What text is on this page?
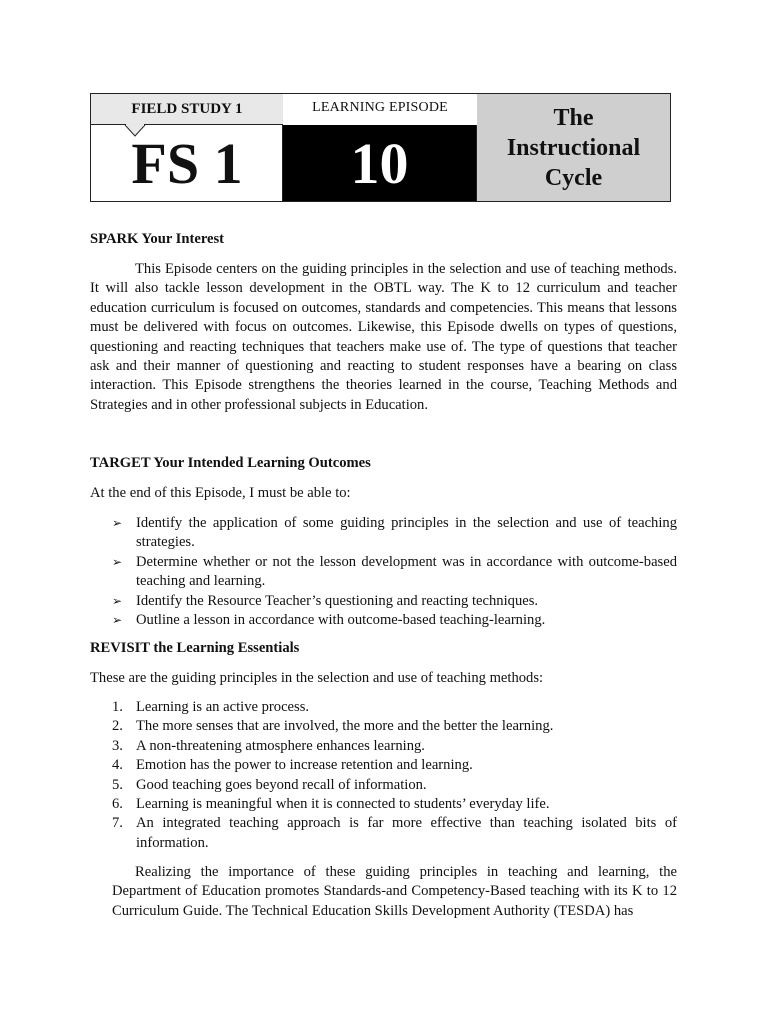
FIELD STUDY 1
FS 1
LEARNING EPISODE
10
The Instructional Cycle
SPARK Your Interest

This Episode centers on the guiding principles in the selection and use of teaching methods. It will also tackle lesson development in the OBTL way. The K to 12 curriculum and teacher education curriculum is focused on outcomes, standards and competencies. This means that lessons must be delivered with focus on outcomes. Likewise, this Episode dwells on types of questions, questioning and reacting techniques that teachers make use of. The type of questions that teacher ask and their manner of questioning and reacting to student responses have a bearing on class interaction. This Episode strengthens the theories learned in the course, Teaching Methods and Strategies and in other professional subjects in Education.

TARGET Your Intended Learning Outcomes
At the end of this Episode, I must be able to:
➢ Identify the application of some guiding principles in the selection and use of teaching strategies.
➢ Determine whether or not the lesson development was in accordance with outcome-based teaching and learning.
➢ Identify the Resource Teacher’s questioning and reacting techniques.
➢ Outline a lesson in accordance with outcome-based teaching-learning.
REVISIT the Learning Essentials
These are the guiding principles in the selection and use of teaching methods:
1. Learning is an active process.
2. The more senses that are involved, the more and the better the learning.
3. A non-threatening atmosphere enhances learning.
4. Emotion has the power to increase retention and learning.
5. Good teaching goes beyond recall of information.
6. Learning is meaningful when it is connected to students’ everyday life.
7. An integrated teaching approach is far more effective than teaching isolated bits of information.

Realizing the importance of these guiding principles in teaching and learning, the Department of Education promotes Standards-and Competency-Based teaching with its K to 12 Curriculum Guide. The Technical Education Skills Development Authority (TESDA) has
